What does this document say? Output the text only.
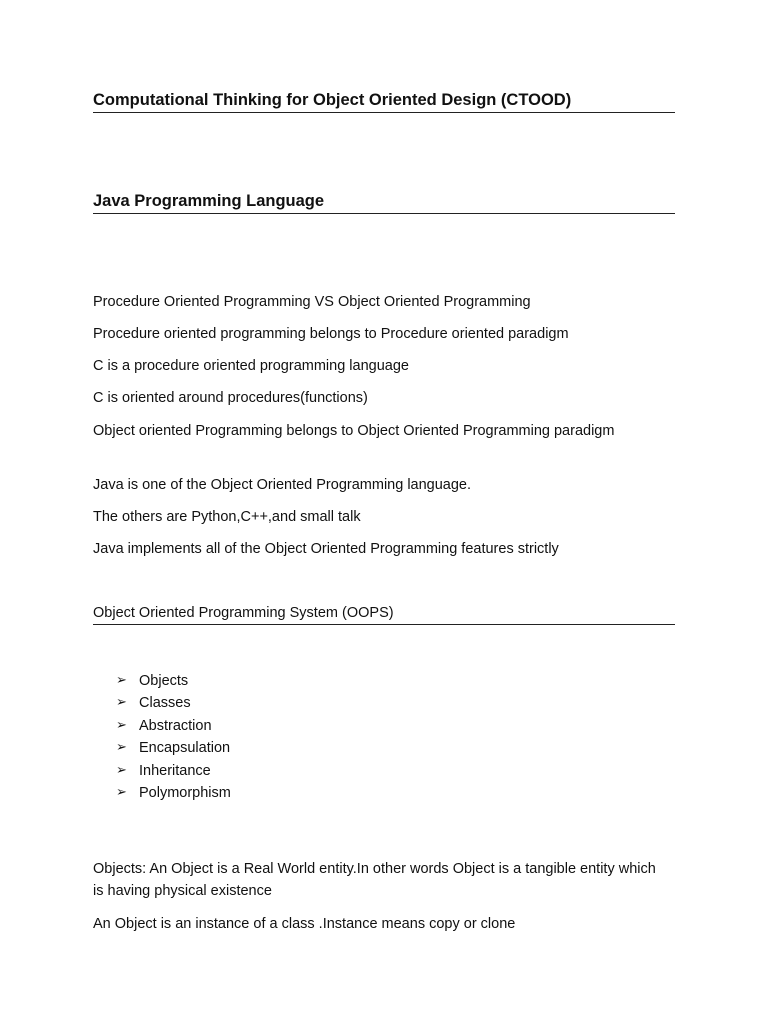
Computational Thinking for Object Oriented Design (CTOOD)
Java Programming Language
Procedure Oriented Programming VS Object Oriented Programming
Procedure oriented programming belongs to Procedure oriented paradigm
C is a procedure oriented programming language
C is oriented around procedures(functions)
Object oriented Programming belongs to Object Oriented Programming paradigm
Java is one of the Object Oriented Programming language.
The others are Python,C++,and small talk
Java implements all of the Object Oriented Programming features strictly
Object Oriented Programming System (OOPS)
➢ Objects
➢ Classes
➢ Abstraction
➢ Encapsulation
➢ Inheritance
➢ Polymorphism
Objects: An Object is a Real World entity.In other words Object is a tangible entity which is having physical existence
An Object is an instance of a class .Instance means copy or clone
